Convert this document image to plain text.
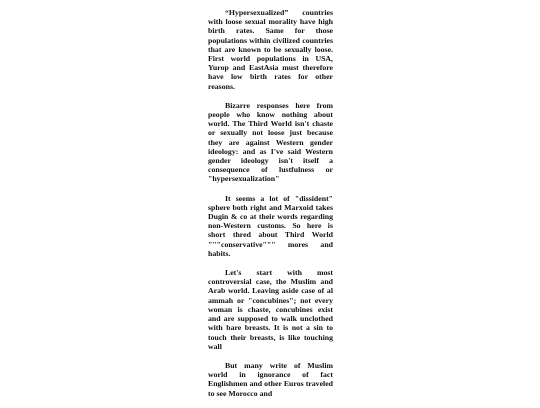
“Hypersexualized” countries with loose sexual morality have high birth rates. Same for those populations within civilized countries that are known to be sexually loose. First world populations in USA, Yurop and EastAsia must therefore have low birth rates for other reasons.

Bizarre responses here from people who know nothing about world. The Third World isn't chaste or sexually not loose just because they are against Western gender ideology: and as I've said Western gender ideology isn't itself a consequence of lustfulness or "hypersexualization"

It seems a lot of "dissident" sphere both right and Marxoid takes Dugin & co at their words regarding non-Western customs. So here is short thred about Third World """conservative""" mores and habits.

Let's start with most controversial case, the Muslim and Arab world. Leaving aside case of al ammah or "concubines"; not every woman is chaste, concubines exist and are supposed to walk unclothed with bare breasts. It is not a sin to touch their breasts, is like touching wall

But many write of Muslim world in ignorance of fact Englishmen and other Euros traveled to see Morocco and
